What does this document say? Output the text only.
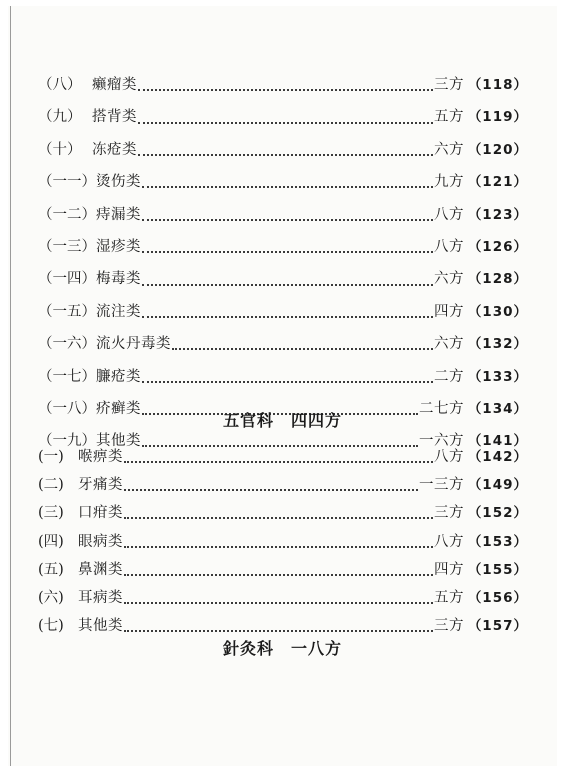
（八） 癞瘤类	三方 （118）
（九） 搭背类	五方 （119）
（十） 冻疮类	六方 （120）
（一一） 烫伤类	九方 （121）
（一二） 痔漏类	八方 （123）
（一三） 湿疹类	八方 （126）
（一四） 梅毒类	六方 （128）
（一五） 流注类	四方 （130）
（一六） 流火丹毒类	六方 （132）
（一七） 臁疮类	二方 （133）
（一八） 疥癣类	二七方 （134）
（一九） 其他类	一六方 （141）
五官科　四四方
(一) 喉痹类	八方 （142）
(二) 牙痛类	一三方 （149）
(三) 口疳类	三方 （152）
(四) 眼病类	八方 （153）
(五) 鼻渊类	四方 （155）
(六) 耳病类	五方 （156）
(七) 其他类	三方 （157）
針灸科　一八方
